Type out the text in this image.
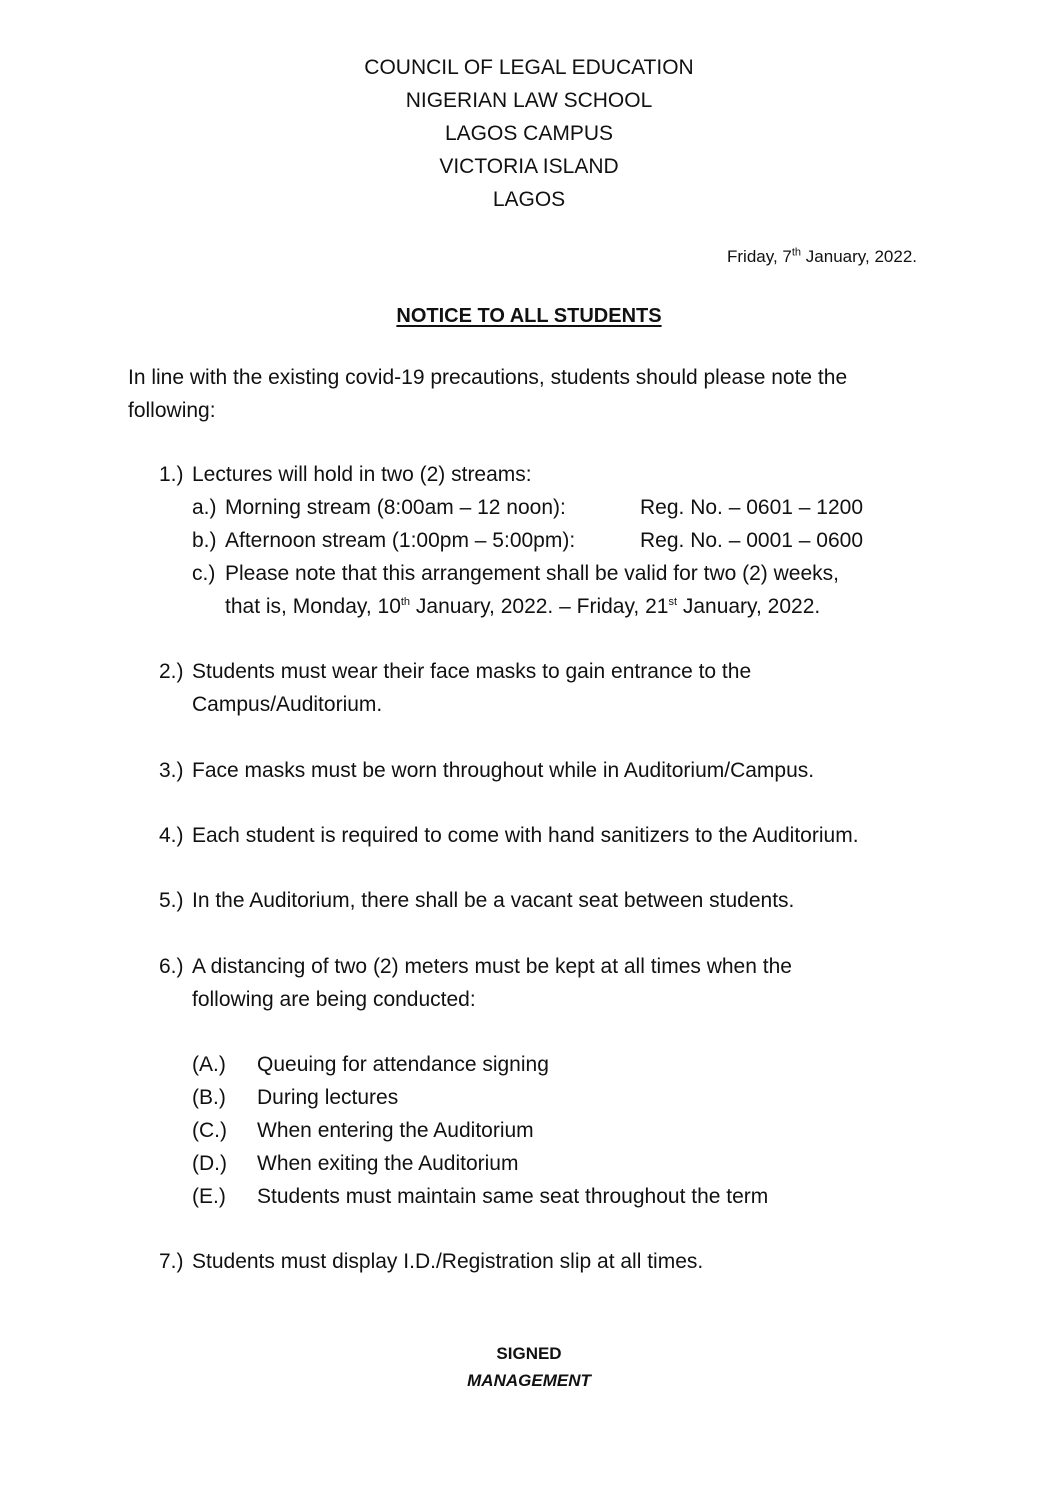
COUNCIL OF LEGAL EDUCATION
NIGERIAN LAW SCHOOL
LAGOS CAMPUS
VICTORIA ISLAND
LAGOS
Friday, 7th January, 2022.
NOTICE TO ALL STUDENTS
In line with the existing covid-19 precautions, students should please note the
following:
1.) Lectures will hold in two (2) streams:
a.) Morning stream (8:00am – 12 noon):	Reg. No. – 0601 – 1200
b.) Afternoon stream (1:00pm – 5:00pm):	Reg. No. – 0001 – 0600
c.) Please note that this arrangement shall be valid for two (2) weeks,
that is, Monday, 10th January, 2022. – Friday, 21st January, 2022.
2.) Students must wear their face masks to gain entrance to the
Campus/Auditorium.
3.) Face masks must be worn throughout while in Auditorium/Campus.
4.) Each student is required to come with hand sanitizers to the Auditorium.
5.) In the Auditorium, there shall be a vacant seat between students.
6.) A distancing of two (2) meters must be kept at all times when the
following are being conducted:
(A.) Queuing for attendance signing
(B.) During lectures
(C.) When entering the Auditorium
(D.) When exiting the Auditorium
(E.) Students must maintain same seat throughout the term
7.) Students must display I.D./Registration slip at all times.
SIGNED
MANAGEMENT
